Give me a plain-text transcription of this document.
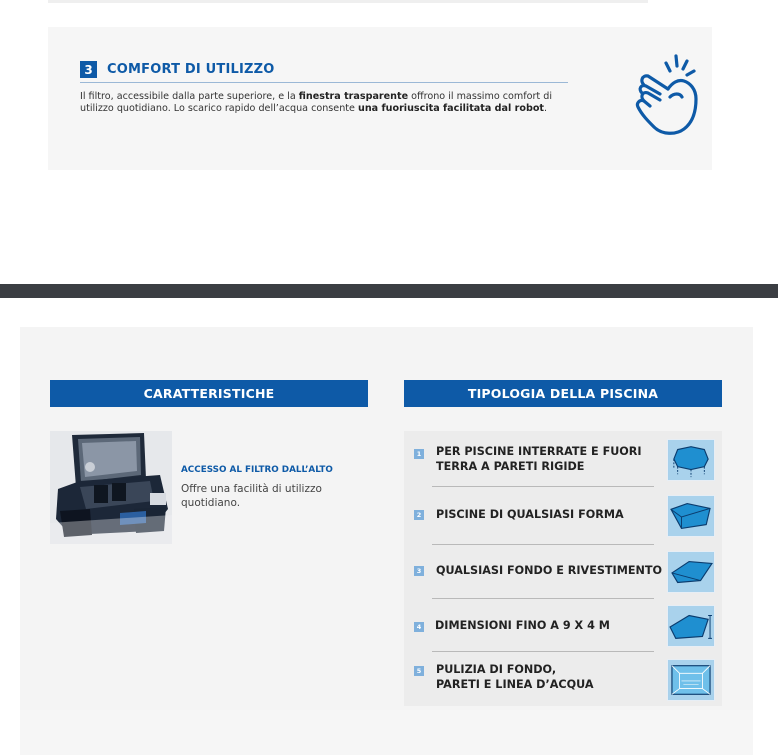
3	COMFORT DI UTILIZZO

Il filtro, accessibile dalla parte superiore, e la finestra trasparente offrono il massimo comfort di utilizzo quotidiano. Lo scarico rapido dell’acqua consente una fuoriuscita facilitata dal robot.

CARATTERISTICHE	TIPOLOGIA DELLA PISCINA
ACCESSO AL FILTRO DALL’ALTO
Offre una facilità di utilizzo quotidiano.
1 PER PISCINE INTERRATE E FUORI
TERRA A PARETI RIGIDE
2 PISCINE DI QUALSIASI FORMA
3 QUALSIASI FONDO E RIVESTIMENTO
4 DIMENSIONI FINO A 9 X 4 M
5 PULIZIA DI FONDO,
PARETI E LINEA D’ACQUA
